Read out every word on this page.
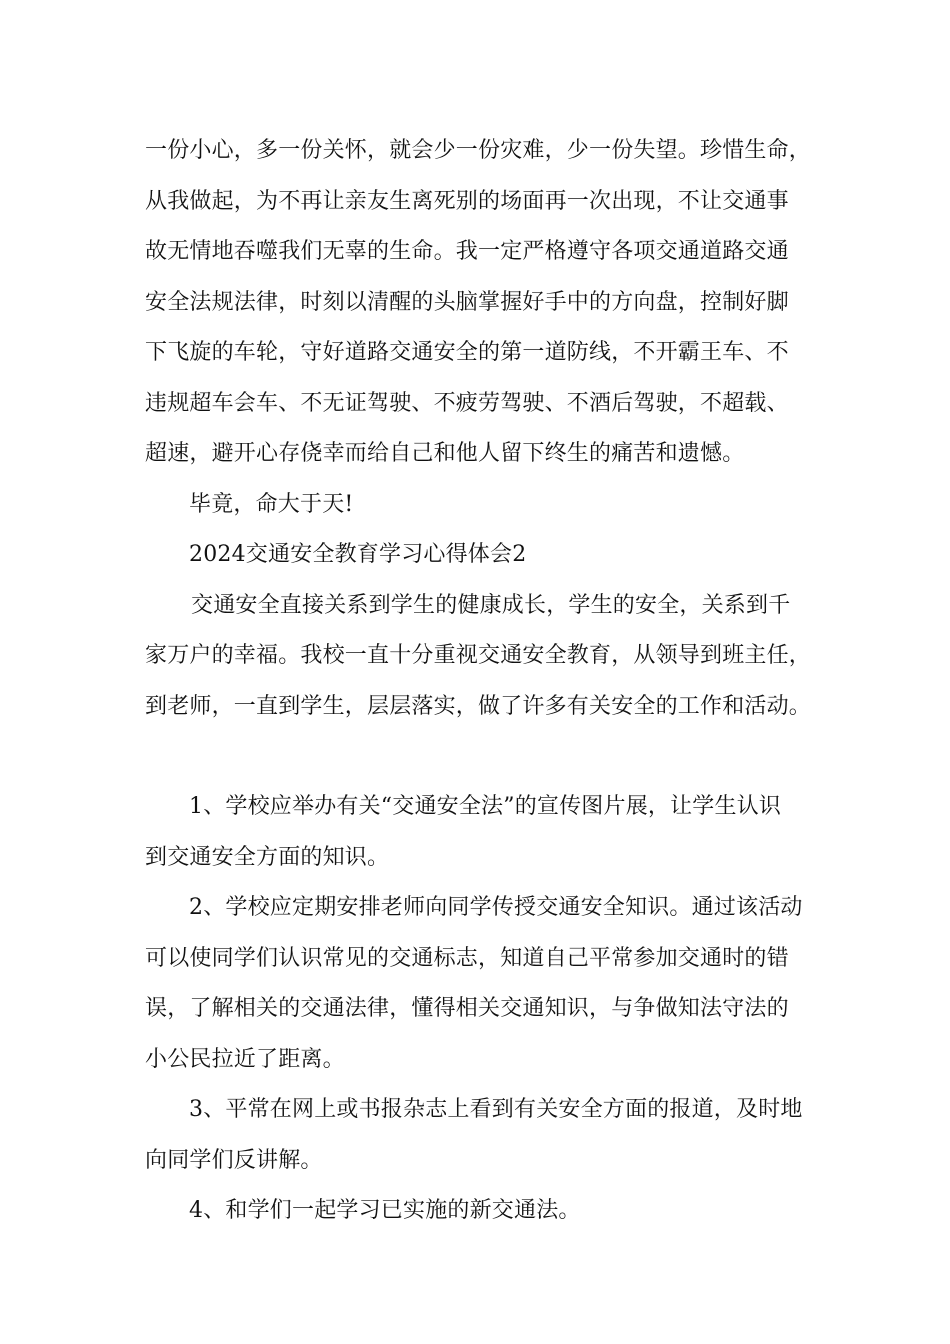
一份小心，多一份关怀，就会少一份灾难，少一份失望。珍惜生命，

从我做起，为不再让亲友生离死别的场面再一次出现，不让交通事

故无情地吞噬我们无辜的生命。我一定严格遵守各项交通道路交通

安全法规法律，时刻以清醒的头脑掌握好手中的方向盘，控制好脚

下飞旋的车轮，守好道路交通安全的第一道防线，不开霸王车、不

违规超车会车、不无证驾驶、不疲劳驾驶、不酒后驾驶，不超载、

超速，避开心存侥幸而给自己和他人留下终生的痛苦和遗憾。

毕竟，命大于天!

2024交通安全教育学习心得体会2

交通安全直接关系到学生的健康成长，学生的安全，关系到千

家万户的幸福。我校一直十分重视交通安全教育，从领导到班主任，

到老师，一直到学生，层层落实，做了许多有关安全的工作和活动。

1、学校应举办有关“交通安全法”的宣传图片展，让学生认识

到交通安全方面的知识。

2、学校应定期安排老师向同学传授交通安全知识。通过该活动

可以使同学们认识常见的交通标志，知道自己平常参加交通时的错

误，了解相关的交通法律，懂得相关交通知识，与争做知法守法的

小公民拉近了距离。

3、平常在网上或书报杂志上看到有关安全方面的报道，及时地

向同学们反讲解。

4、和学们一起学习已实施的新交通法。
